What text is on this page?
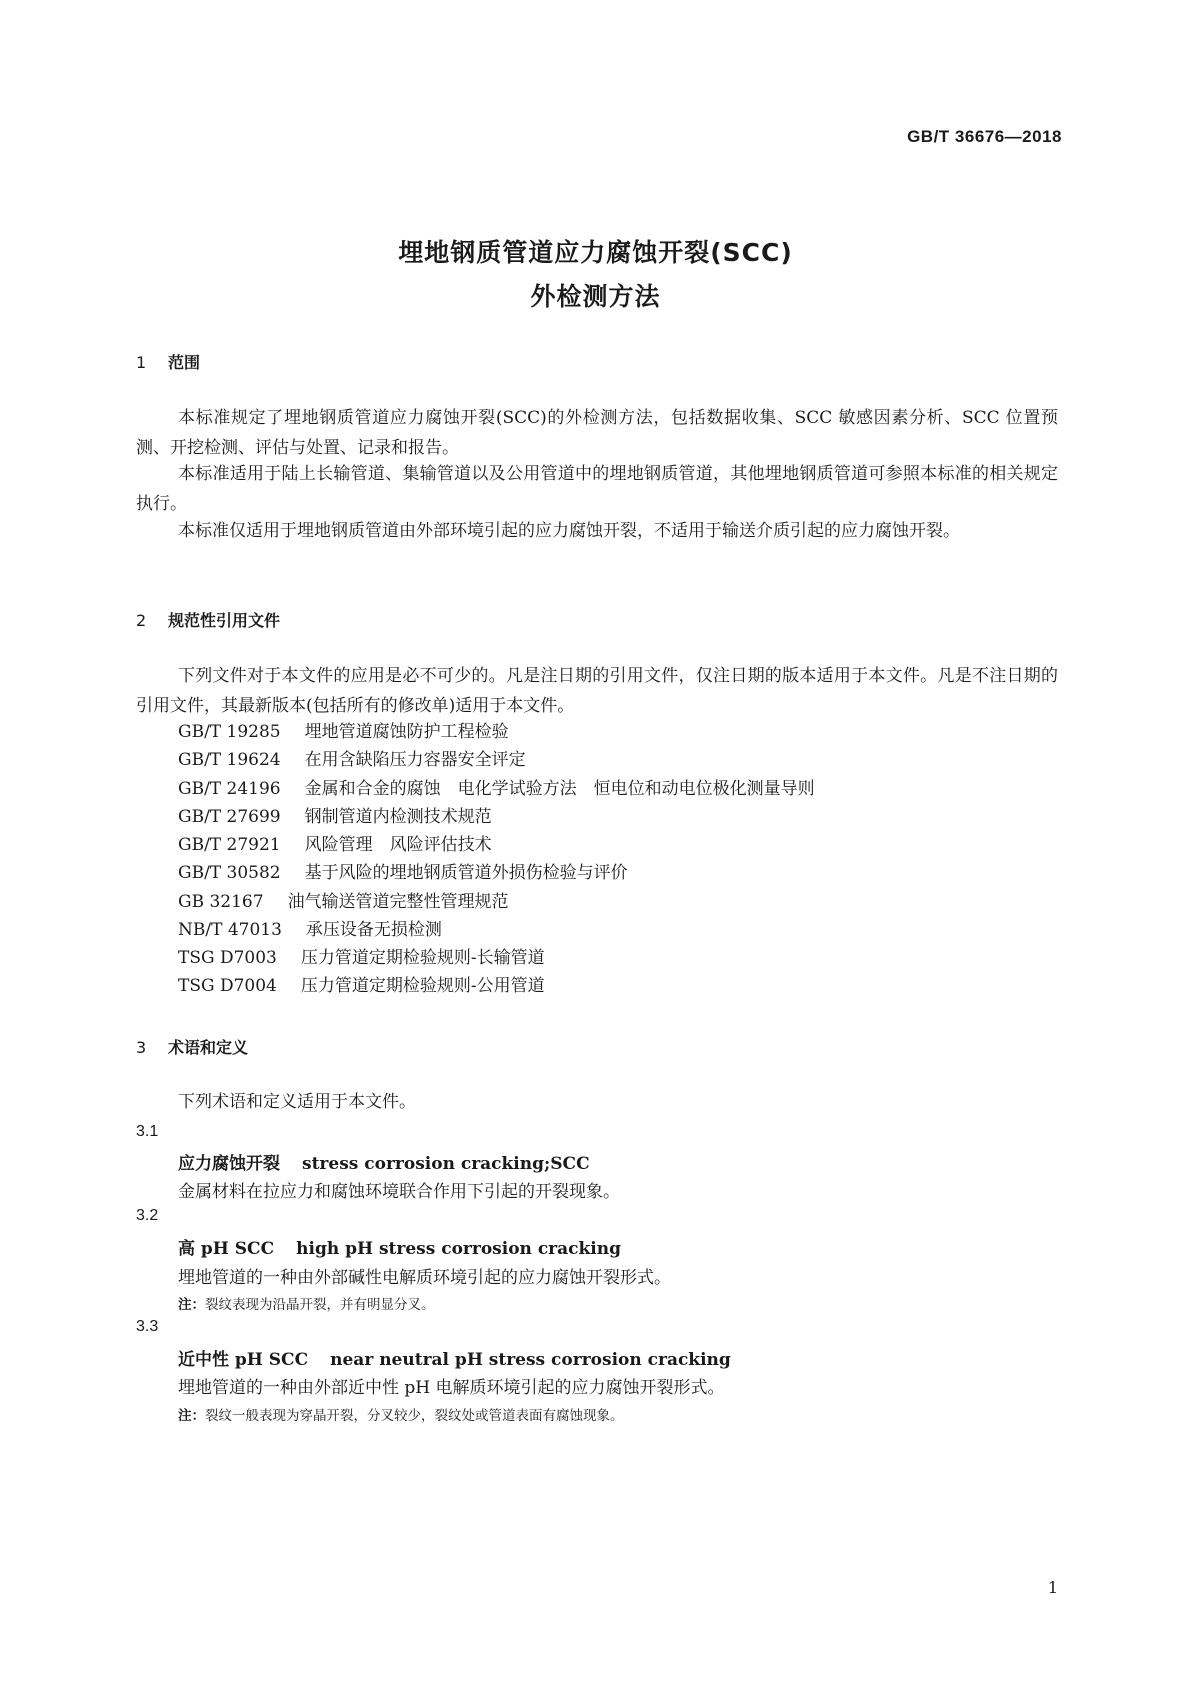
GB/T 36676—2018
埋地钢质管道应力腐蚀开裂(SCC)
外检测方法
1 范围
本标准规定了埋地钢质管道应力腐蚀开裂(SCC)的外检测方法，包括数据收集、SCC 敏感因素分析、SCC 位置预测、开挖检测、评估与处置、记录和报告。
本标准适用于陆上长输管道、集输管道以及公用管道中的埋地钢质管道，其他埋地钢质管道可参照本标准的相关规定执行。
本标准仅适用于埋地钢质管道由外部环境引起的应力腐蚀开裂，不适用于输送介质引起的应力腐蚀开裂。
2 规范性引用文件
下列文件对于本文件的应用是必不可少的。凡是注日期的引用文件，仅注日期的版本适用于本文件。凡是不注日期的引用文件，其最新版本(包括所有的修改单)适用于本文件。
GB/T 19285 埋地管道腐蚀防护工程检验
GB/T 19624 在用含缺陷压力容器安全评定
GB/T 24196 金属和合金的腐蚀　电化学试验方法　恒电位和动电位极化测量导则
GB/T 27699 钢制管道内检测技术规范
GB/T 27921 风险管理　风险评估技术
GB/T 30582 基于风险的埋地钢质管道外损伤检验与评价
GB 32167 油气输送管道完整性管理规范
NB/T 47013 承压设备无损检测
TSG D7003 压力管道定期检验规则-长输管道
TSG D7004 压力管道定期检验规则-公用管道
3 术语和定义
下列术语和定义适用于本文件。
3.1
应力腐蚀开裂 stress corrosion cracking;SCC
金属材料在拉应力和腐蚀环境联合作用下引起的开裂现象。
3.2
高 pH SCC high pH stress corrosion cracking
埋地管道的一种由外部碱性电解质环境引起的应力腐蚀开裂形式。
注：裂纹表现为沿晶开裂，并有明显分叉。
3.3
近中性 pH SCC near neutral pH stress corrosion cracking
埋地管道的一种由外部近中性 pH 电解质环境引起的应力腐蚀开裂形式。
注：裂纹一般表现为穿晶开裂，分叉较少，裂纹处或管道表面有腐蚀现象。
1
